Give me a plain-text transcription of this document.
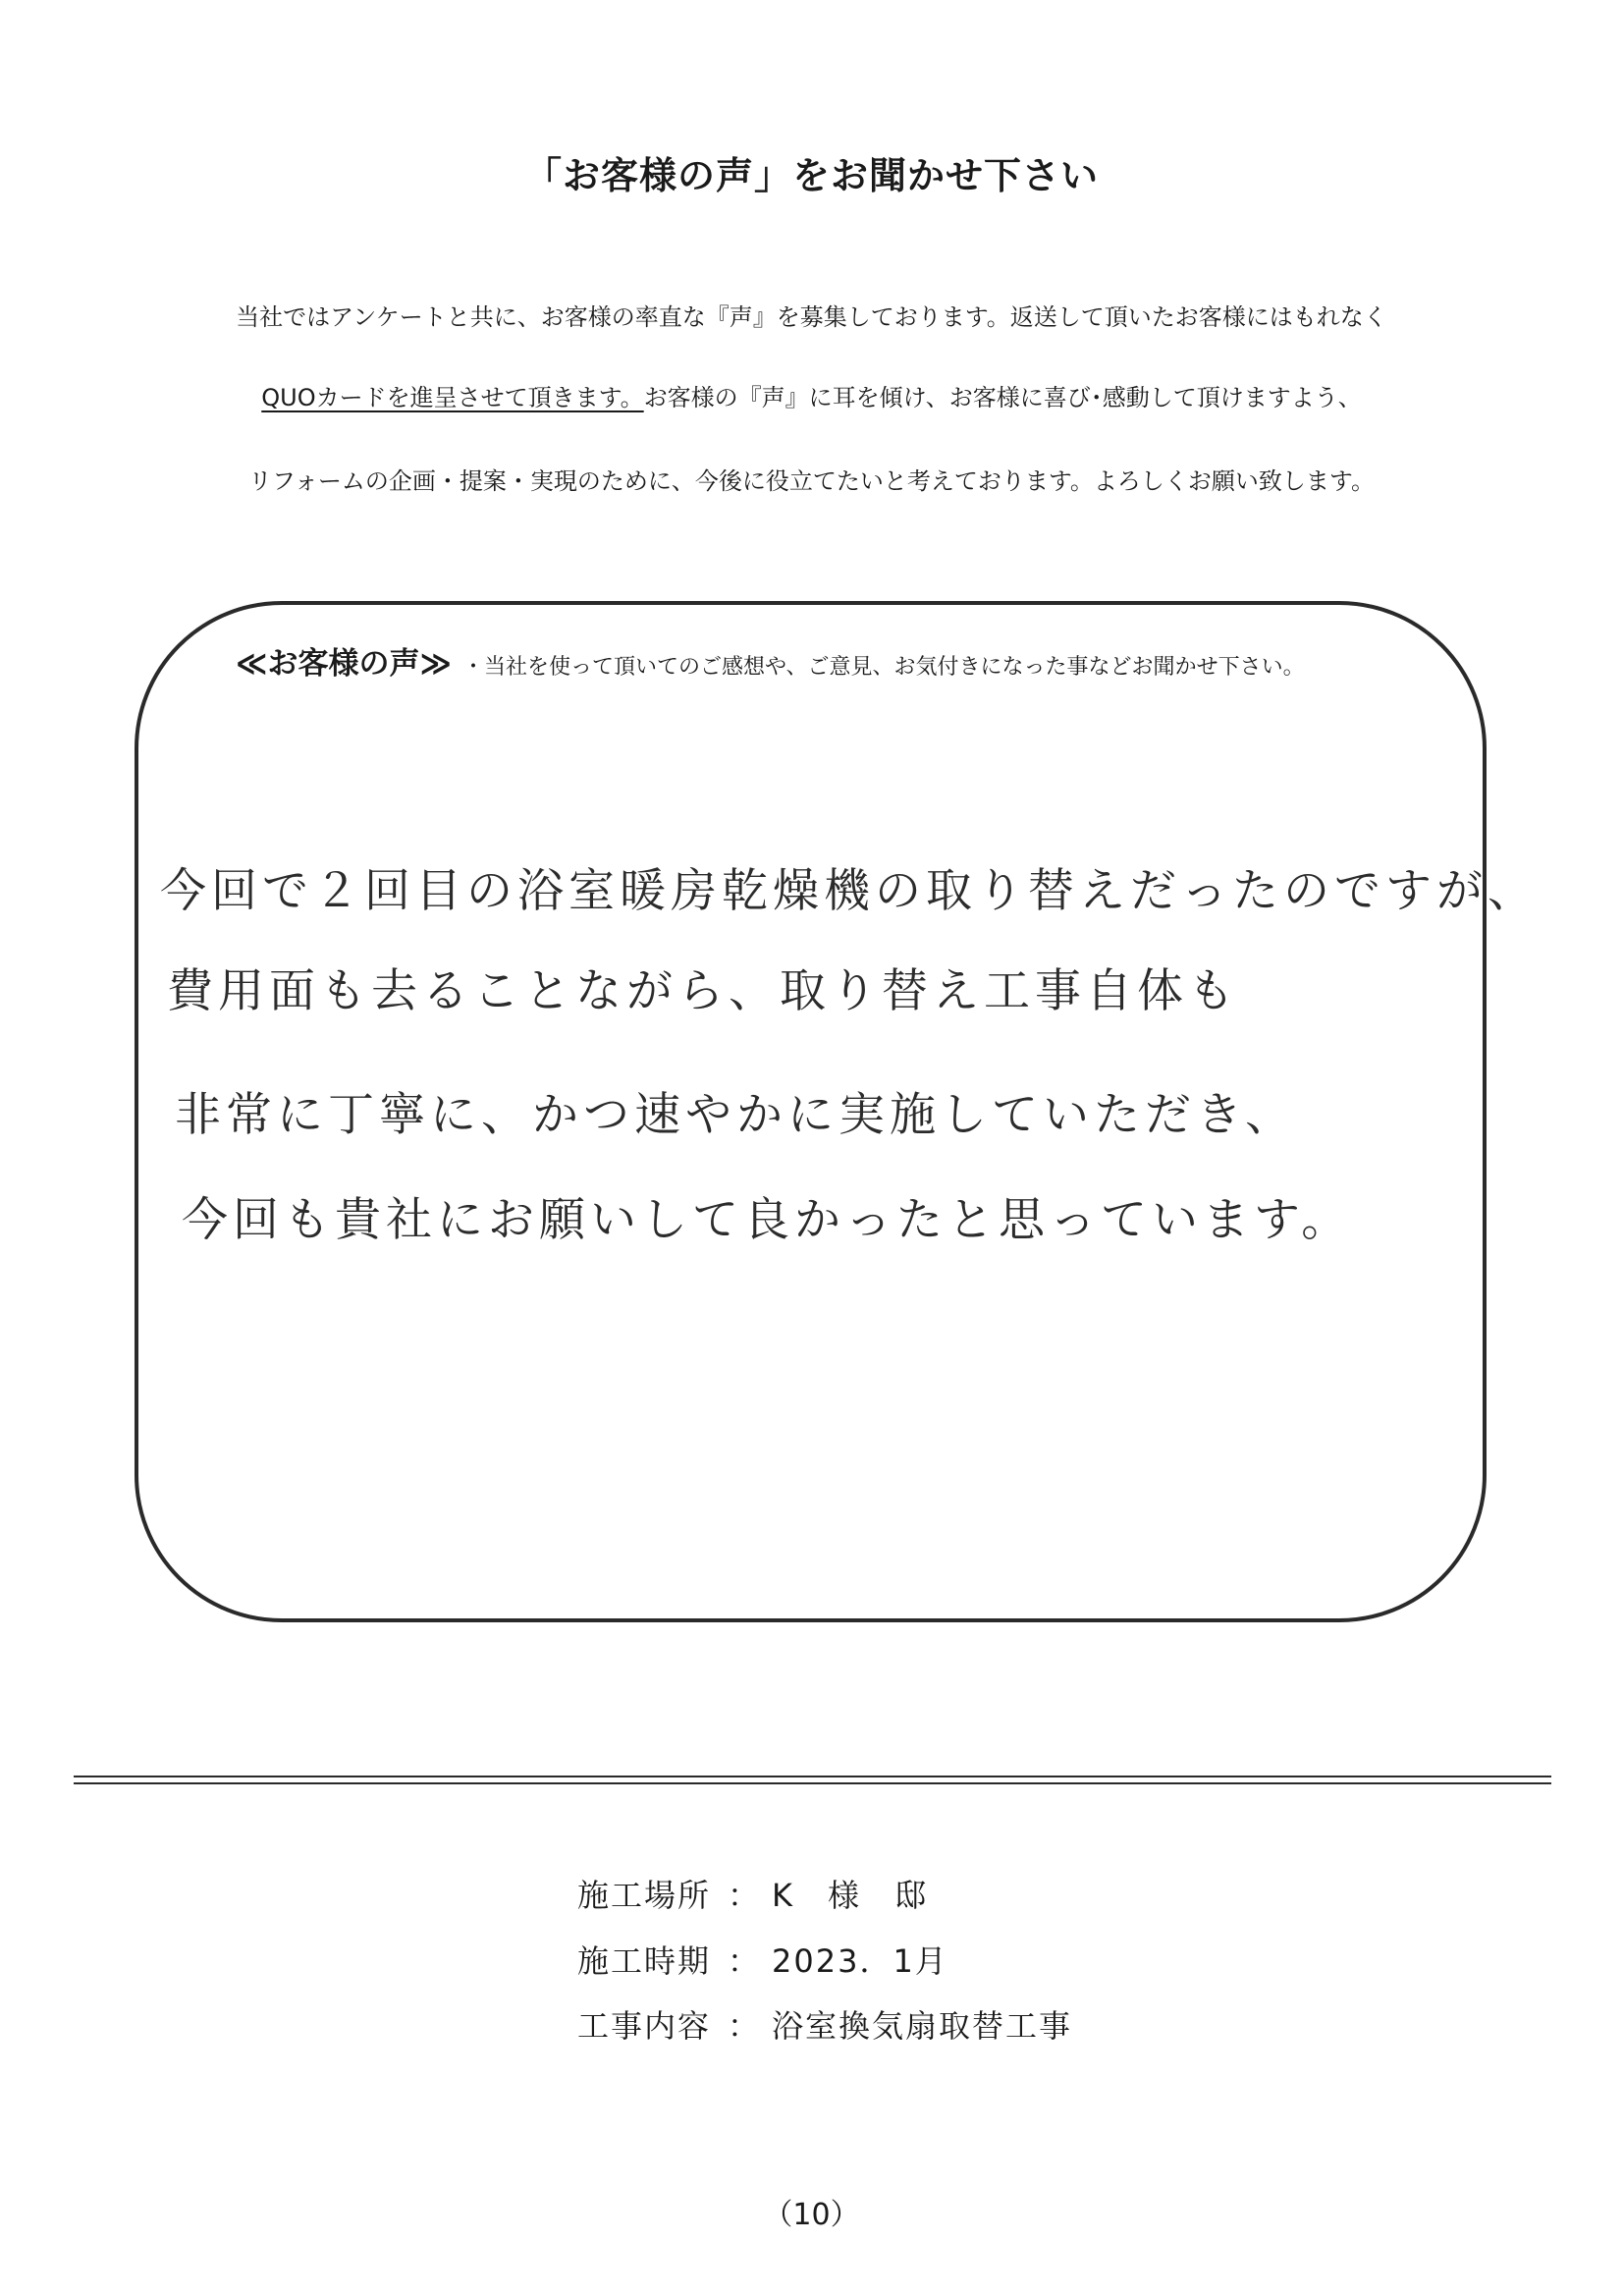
「お客様の声」をお聞かせ下さい
当社ではアンケートと共に、お客様の率直な『声』を募集しております。返送して頂いたお客様にはもれなく
QUOカードを進呈させて頂きます。お客様の『声』に耳を傾け、お客様に喜び･感動して頂けますよう、
リフォームの企画・提案・実現のために、今後に役立てたいと考えております。よろしくお願い致します。
≪お客様の声≫ ・当社を使って頂いてのご感想や、ご意見、お気付きになった事などお聞かせ下さい。
今回で２回目の浴室暖房乾燥機の取り替えだったのですが、
費用面も去ることながら、取り替え工事自体も
非常に丁寧に、かつ速やかに実施していただき、
今回も貴社にお願いして良かったと思っています。
施工場所 ： K　様　邸
施工時期 ： 2023．1月
工事内容 ： 浴室換気扇取替工事
（10）
